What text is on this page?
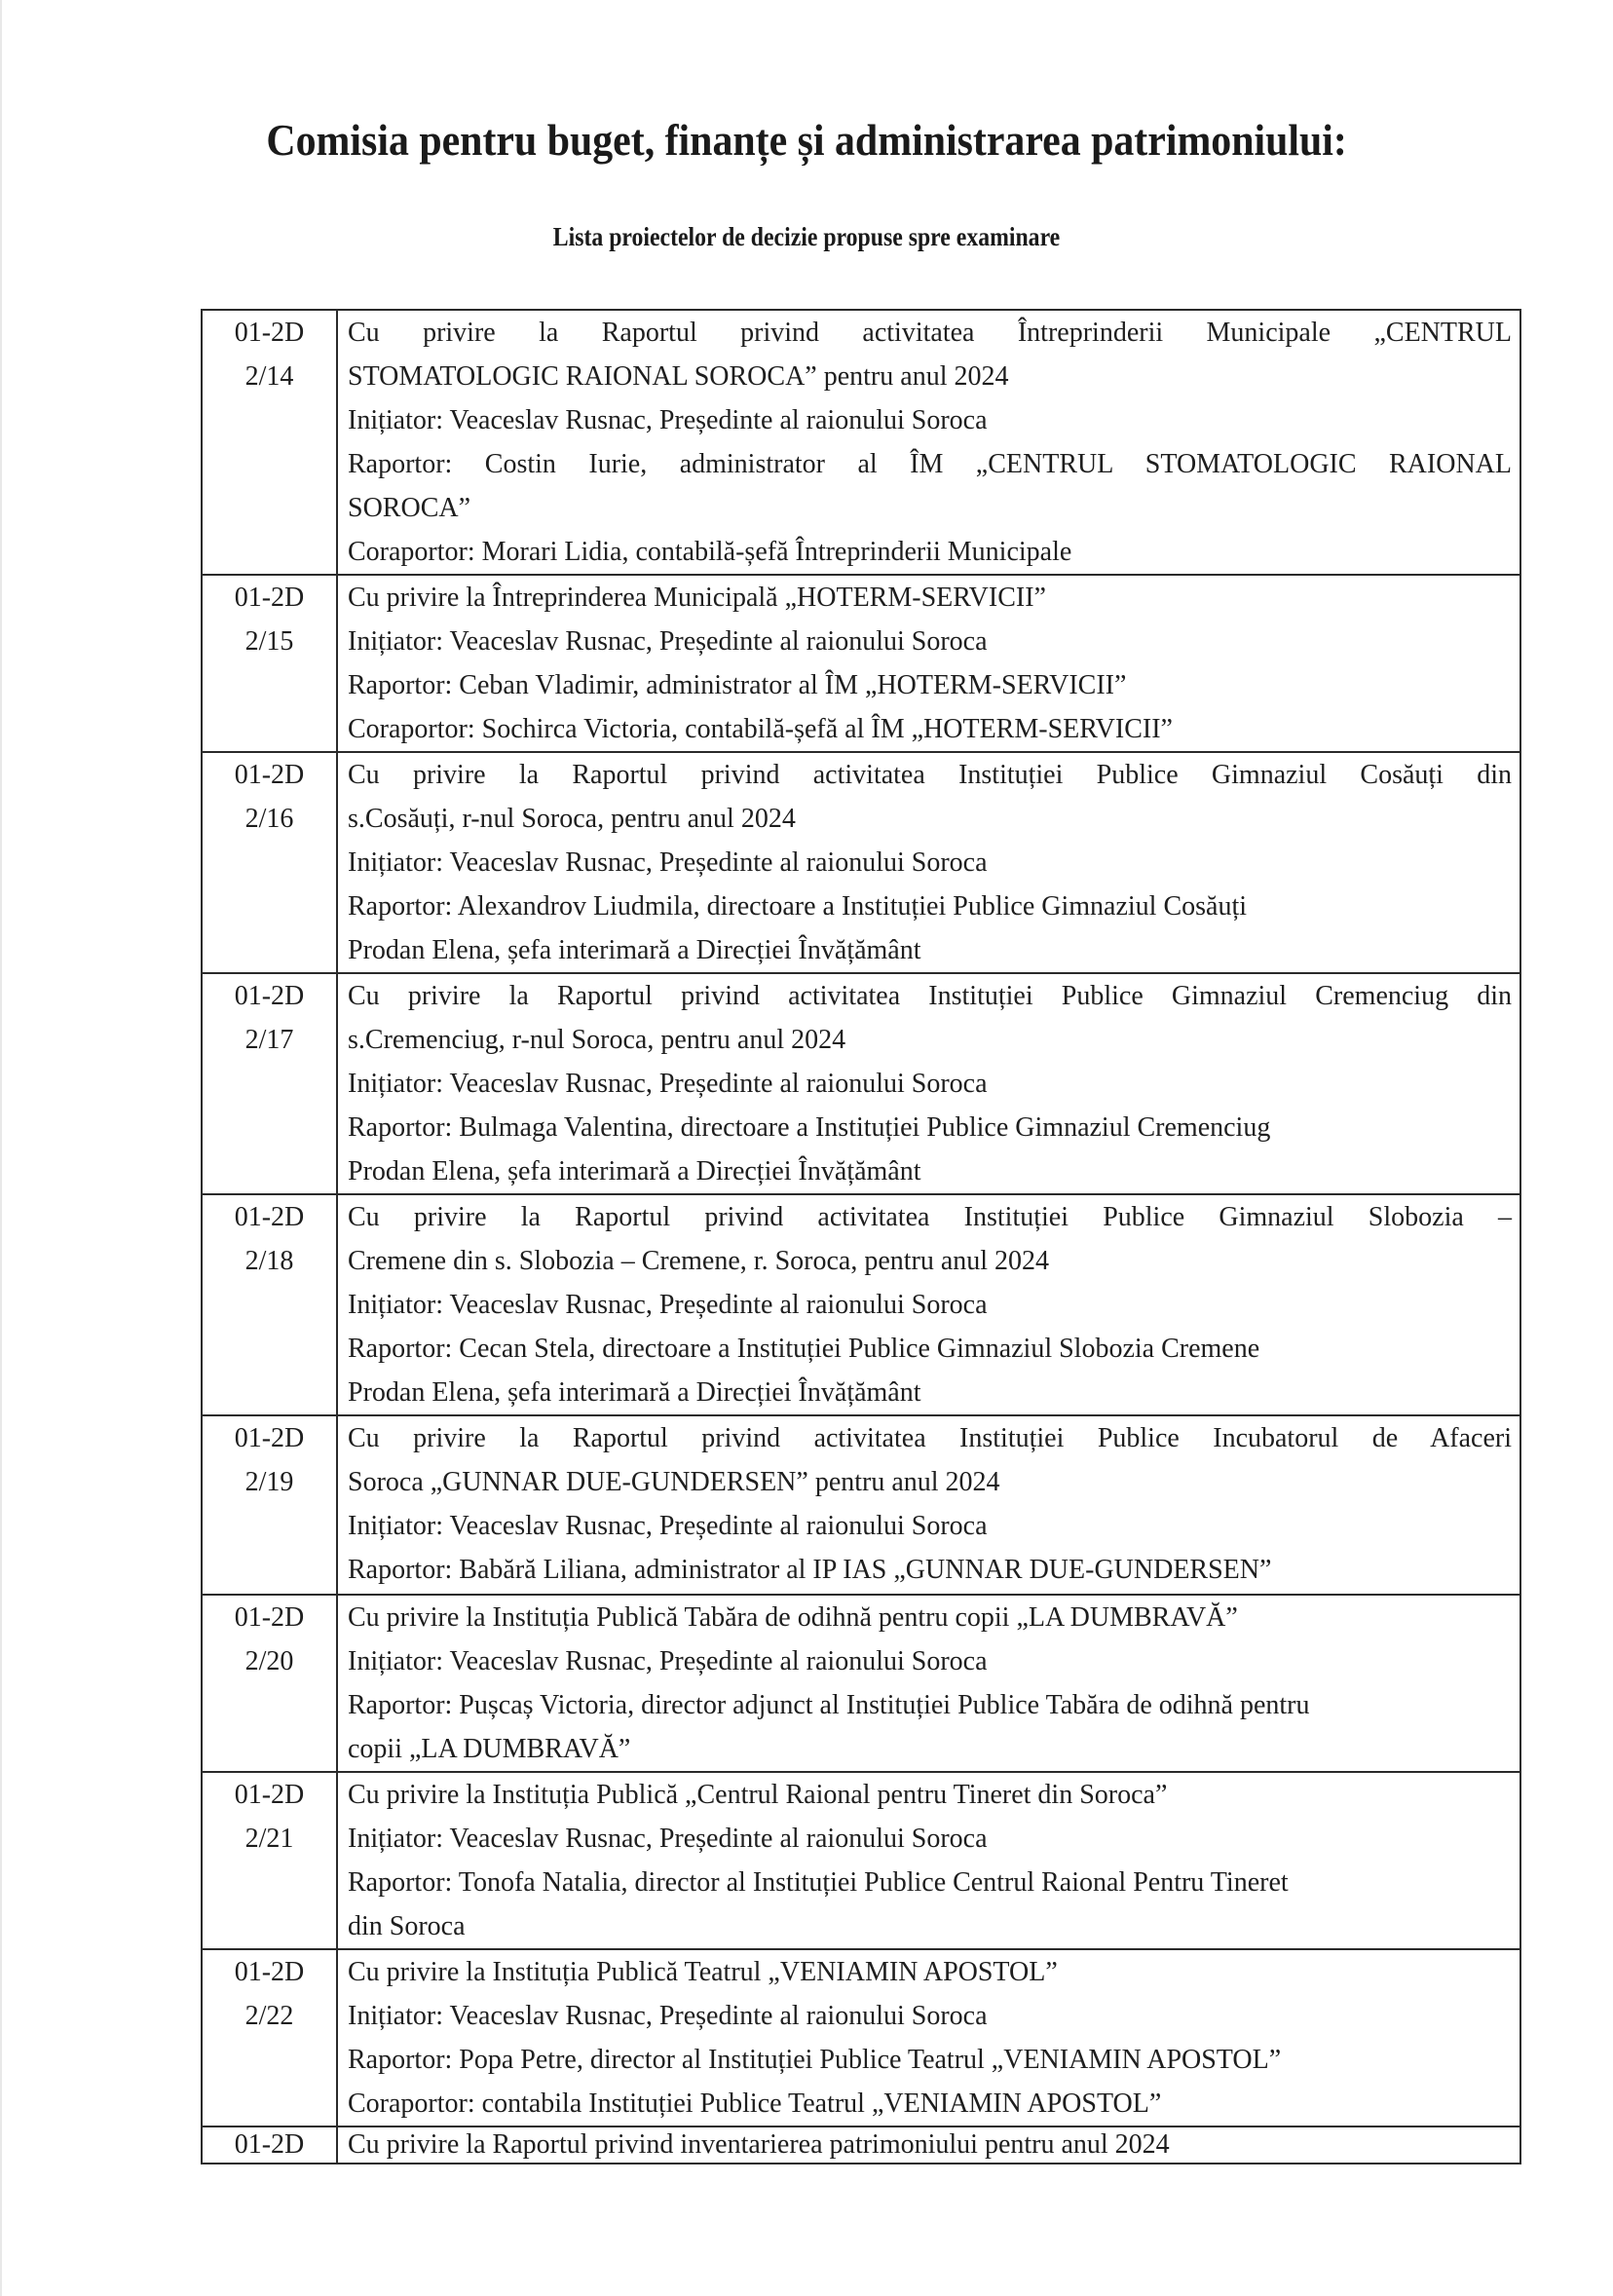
Comisia pentru buget, finanțe și administrarea patrimoniului:
Lista proiectelor de decizie propuse spre examinare
01-2D
2/14

Cu privire la Raportul privind activitatea Întreprinderii Municipale „CENTRUL
STOMATOLOGIC RAIONAL SOROCA” pentru anul 2024
Inițiator: Veaceslav Rusnac, Președinte al raionului Soroca
Raportor: Costin Iurie, administrator al ÎM „CENTRUL STOMATOLOGIC RAIONAL
SOROCA”
Coraportor: Morari Lidia, contabilă-șefă Întreprinderii Municipale

01-2D
2/15	Cu privire la Întreprinderea Municipală „HOTERM-SERVICII”
Inițiator: Veaceslav Rusnac, Președinte al raionului Soroca
Raportor: Ceban Vladimir, administrator al ÎM „HOTERM-SERVICII”
Coraportor: Sochirca Victoria, contabilă-șefă al ÎM „HOTERM-SERVICII”

01-2D
2/16	Cu privire la Raportul privind activitatea Instituției Publice Gimnaziul Cosăuți din
s.Cosăuți, r-nul Soroca, pentru anul 2024
Inițiator: Veaceslav Rusnac, Președinte al raionului Soroca
Raportor: Alexandrov Liudmila, directoare a Instituției Publice Gimnaziul Cosăuți
Prodan Elena, șefa interimară a Direcției Învățământ

01-2D
2/17	Cu privire la Raportul privind activitatea Instituției Publice Gimnaziul Cremenciug din
s.Cremenciug, r-nul Soroca, pentru anul 2024
Inițiator: Veaceslav Rusnac, Președinte al raionului Soroca
Raportor: Bulmaga Valentina, directoare a Instituției Publice Gimnaziul Cremenciug
Prodan Elena, șefa interimară a Direcției Învățământ

01-2D
2/18	Cu privire la Raportul privind activitatea Instituției Publice Gimnaziul Slobozia –
Cremene din s. Slobozia – Cremene, r. Soroca, pentru anul 2024
Inițiator: Veaceslav Rusnac, Președinte al raionului Soroca
Raportor: Cecan Stela, directoare a Instituției Publice Gimnaziul Slobozia Cremene
Prodan Elena, șefa interimară a Direcției Învățământ

01-2D
2/19	Cu privire la Raportul privind activitatea Instituției Publice Incubatorul de Afaceri
Soroca „GUNNAR DUE-GUNDERSEN” pentru anul 2024
Inițiator: Veaceslav Rusnac, Președinte al raionului Soroca
Raportor: Babără Liliana, administrator al IP IAS „GUNNAR DUE-GUNDERSEN”

01-2D
2/20	Cu privire la Instituția Publică Tabăra de odihnă pentru copii „LA DUMBRAVĂ”
Inițiator: Veaceslav Rusnac, Președinte al raionului Soroca
Raportor: Pușcaș Victoria, director adjunct al Instituției Publice Tabăra de odihnă pentru
copii „LA DUMBRAVĂ”

01-2D
2/21	Cu privire la Instituția Publică „Centrul Raional pentru Tineret din Soroca”
Inițiator: Veaceslav Rusnac, Președinte al raionului Soroca
Raportor: Tonofa Natalia, director al Instituției Publice Centrul Raional Pentru Tineret
din Soroca

01-2D
2/22	Cu privire la Instituția Publică Teatrul „VENIAMIN APOSTOL”
Inițiator: Veaceslav Rusnac, Președinte al raionului Soroca
Raportor: Popa Petre, director al Instituției Publice Teatrul „VENIAMIN APOSTOL”
Coraportor: contabila Instituției Publice Teatrul „VENIAMIN APOSTOL”

01-2D	Cu privire la Raportul privind inventarierea patrimoniului pentru anul 2024
